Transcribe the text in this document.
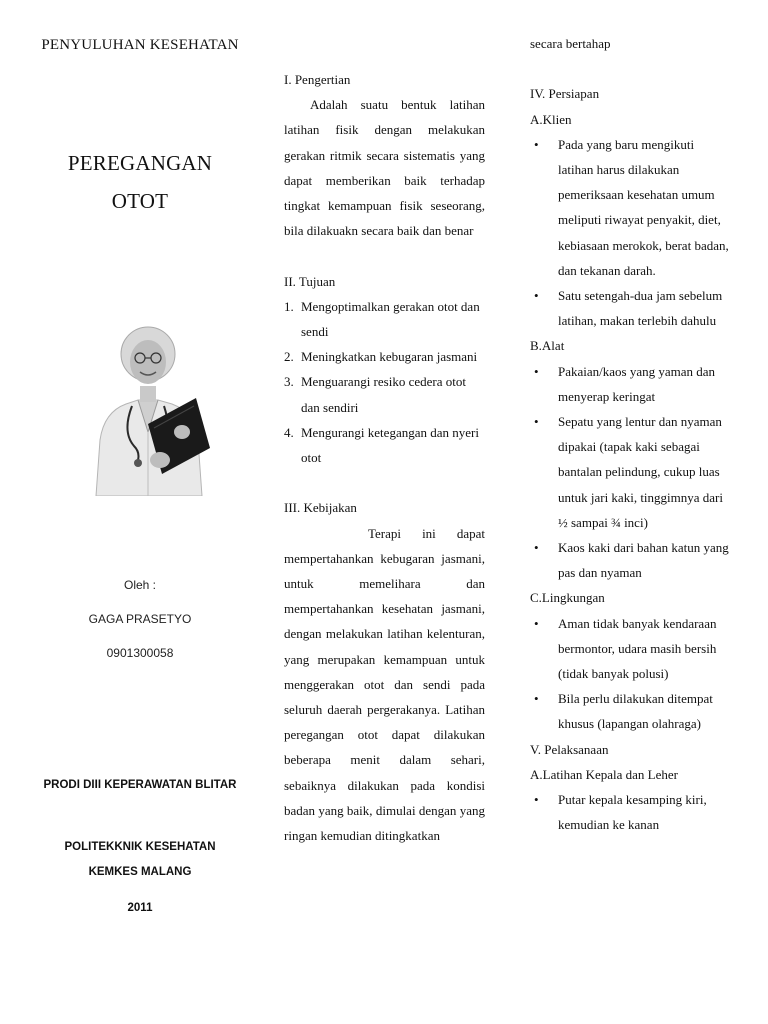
PENYULUHAN KESEHATAN
PEREGANGAN OTOT
Oleh :
GAGA PRASETYO
0901300058
PRODI DIII KEPERAWATAN BLITAR
POLITEKKNIK KESEHATAN KEMKES MALANG
2011

I. Pengertian

Adalah suatu bentuk latihan latihan fisik dengan melakukan gerakan ritmik secara sistematis yang dapat memberikan baik terhadap tingkat kemampuan fisik seseorang, bila dilakuakn secara baik dan benar

II. Tujuan

1. Mengoptimalkan gerakan otot dan sendi
2. Meningkatkan kebugaran jasmani
3. Menguarangi resiko cedera otot dan sendiri
4. Mengurangi ketegangan dan nyeri otot

III. Kebijakan

Terapi ini dapat mempertahankan kebugaran jasmani, untuk memelihara dan mempertahankan kesehatan jasmani, dengan melakukan latihan kelenturan, yang merupakan kemampuan untuk menggerakan otot dan sendi pada seluruh daerah pergerakanya. Latihan peregangan otot dapat dilakukan beberapa menit dalam sehari, sebaiknya dilakukan pada kondisi badan yang baik, dimulai dengan yang ringan kemudian ditingkatkan

secara bertahap

IV. Persiapan

A.Klien

• Pada yang baru mengikuti latihan harus dilakukan pemeriksaan kesehatan umum meliputi riwayat penyakit, diet, kebiasaan merokok, berat badan, dan tekanan darah.
• Satu setengah-dua jam sebelum latihan, makan terlebih dahulu

B.Alat

• Pakaian/kaos yang yaman dan menyerap keringat
• Sepatu yang lentur dan nyaman dipakai (tapak kaki sebagai bantalan pelindung, cukup luas untuk jari kaki, tinggimnya dari ½ sampai ¾ inci)
• Kaos kaki dari bahan katun yang pas dan nyaman

C.Lingkungan

• Aman tidak banyak kendaraan bermontor, udara masih bersih (tidak banyak polusi)
• Bila perlu dilakukan ditempat khusus (lapangan olahraga)

V. Pelaksanaan

A.Latihan Kepala dan Leher

• Putar kepala kesamping kiri, kemudian ke kanan
